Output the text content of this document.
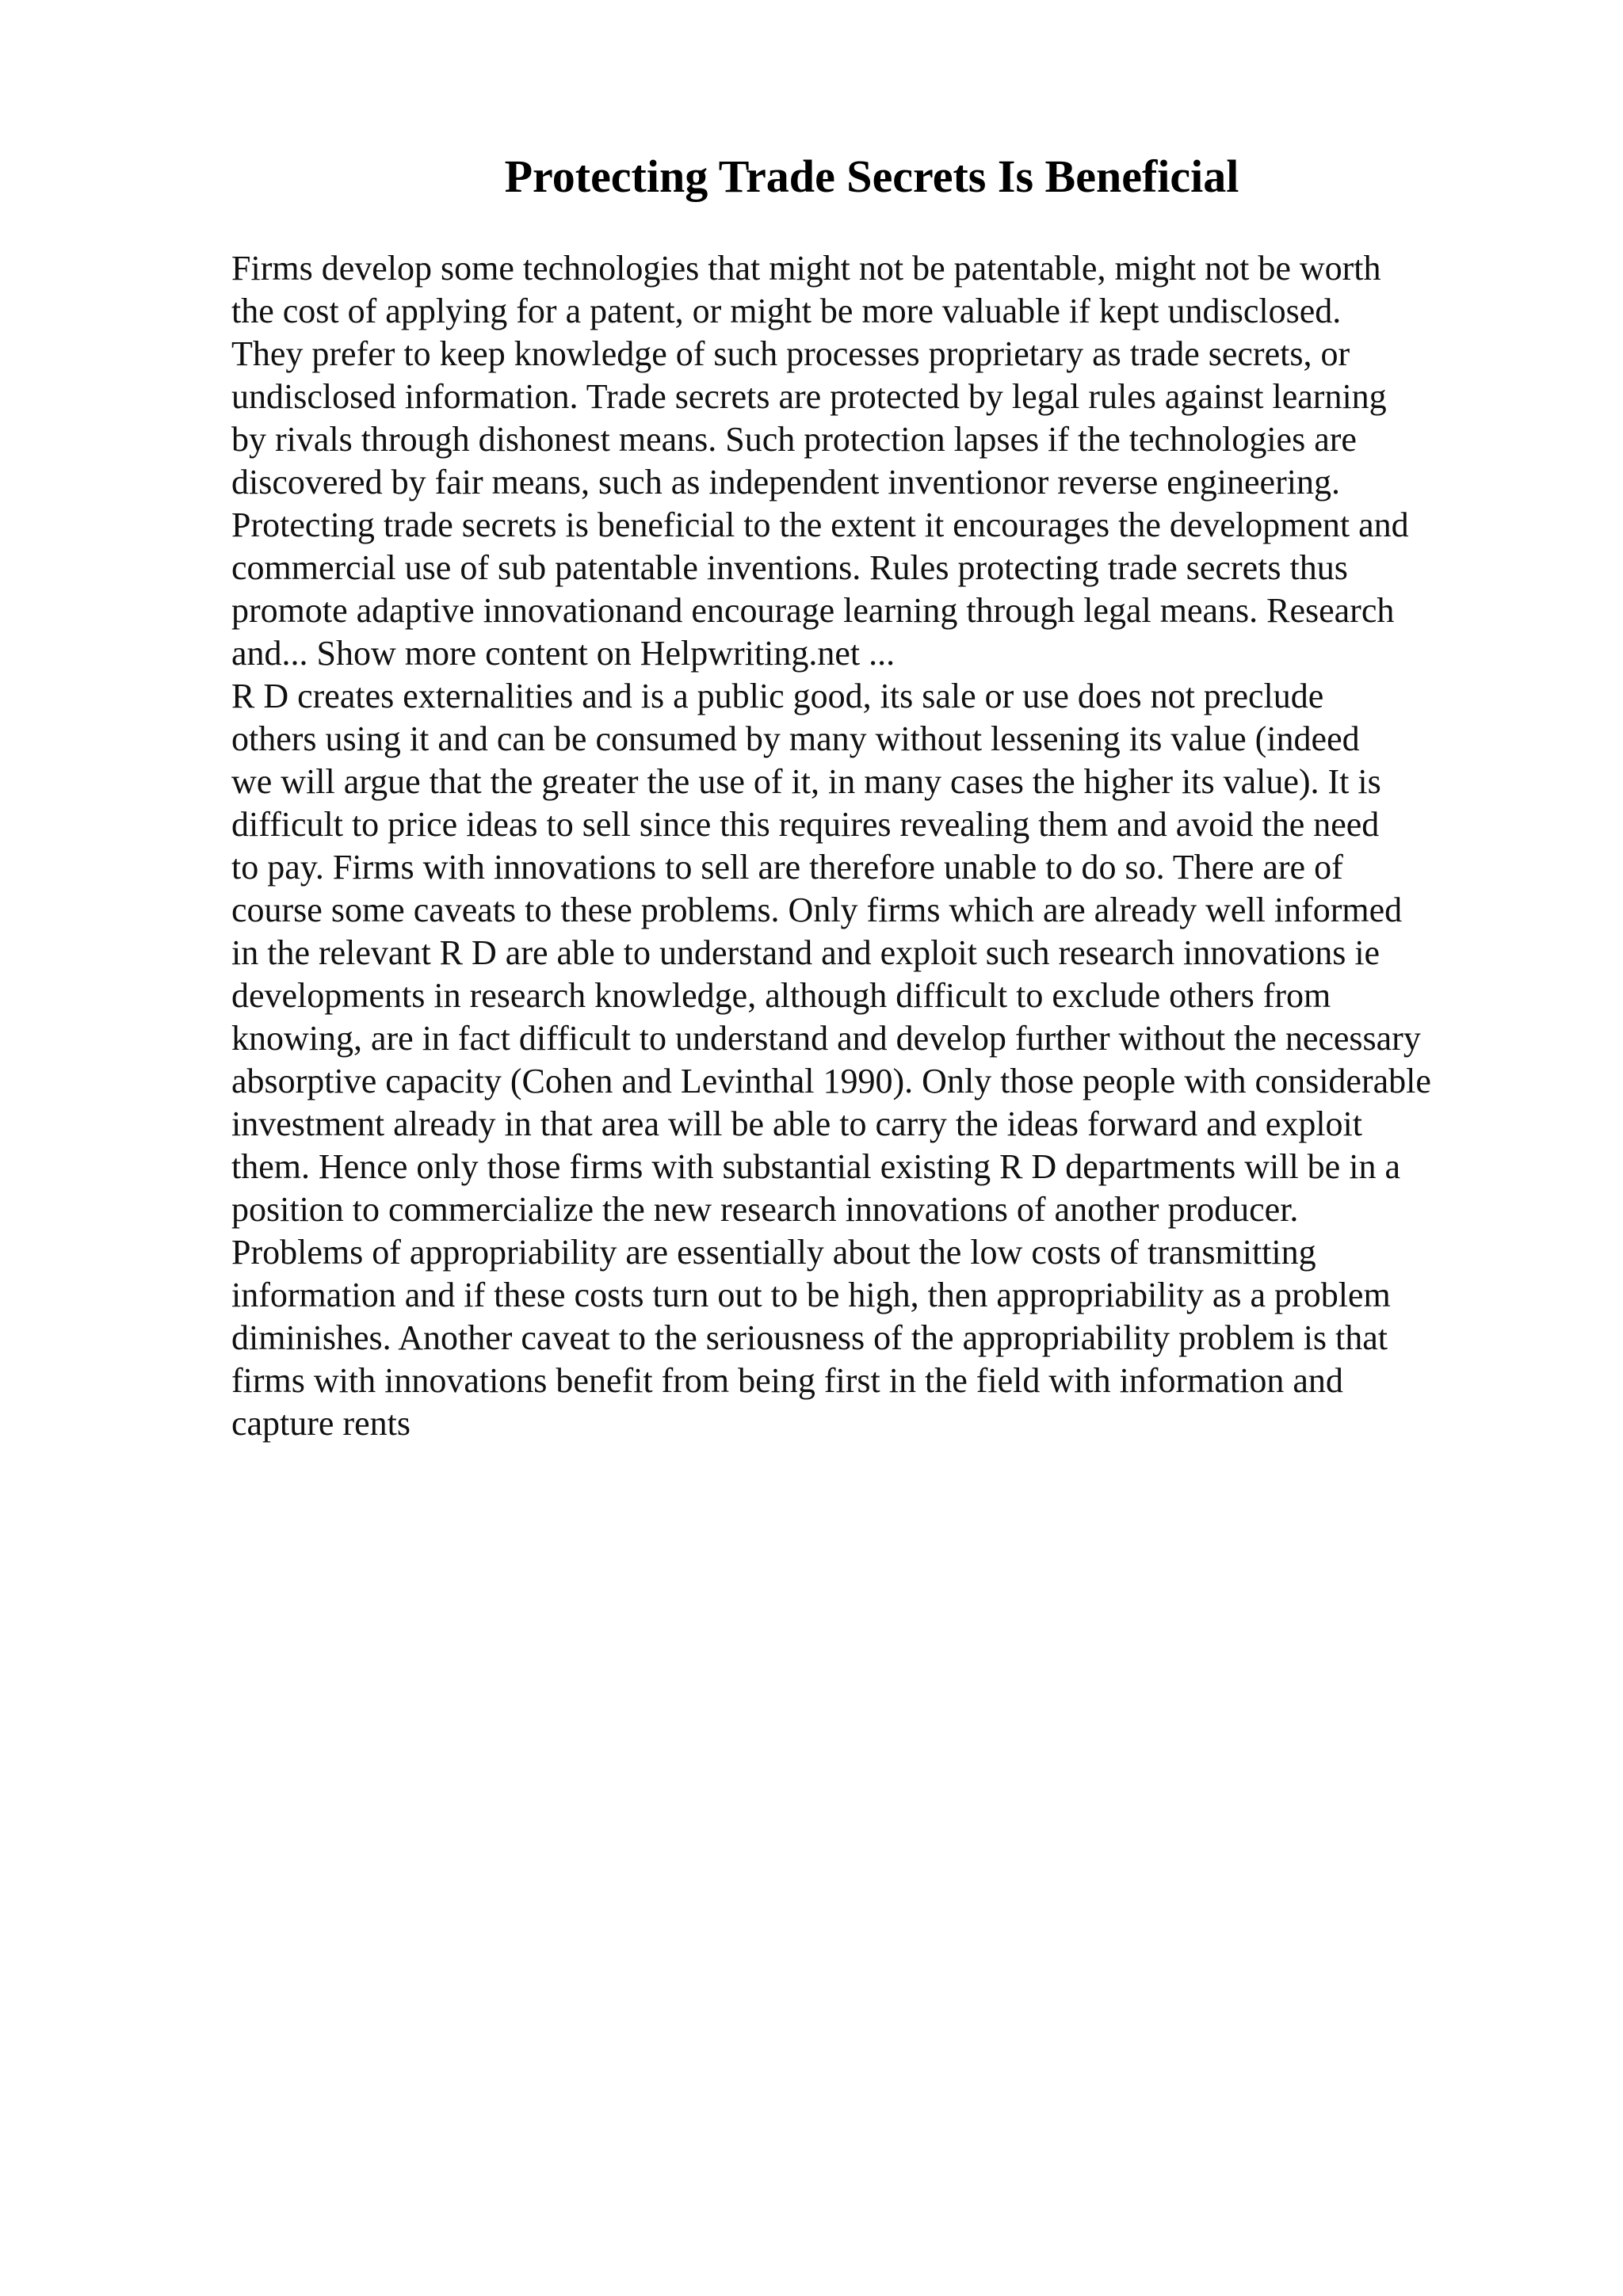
Protecting Trade Secrets Is Beneficial
Firms develop some technologies that might not be patentable, might not be worth
the cost of applying for a patent, or might be more valuable if kept undisclosed.
They prefer to keep knowledge of such processes proprietary as trade secrets, or
undisclosed information. Trade secrets are protected by legal rules against learning
by rivals through dishonest means. Such protection lapses if the technologies are
discovered by fair means, such as independent inventionor reverse engineering.
Protecting trade secrets is beneficial to the extent it encourages the development and
commercial use of sub patentable inventions. Rules protecting trade secrets thus
promote adaptive innovationand encourage learning through legal means. Research
and... Show more content on Helpwriting.net ...
R D creates externalities and is a public good, its sale or use does not preclude
others using it and can be consumed by many without lessening its value (indeed
we will argue that the greater the use of it, in many cases the higher its value). It is
difficult to price ideas to sell since this requires revealing them and avoid the need
to pay. Firms with innovations to sell are therefore unable to do so. There are of
course some caveats to these problems. Only firms which are already well informed
in the relevant R D are able to understand and exploit such research innovations ie
developments in research knowledge, although difficult to exclude others from
knowing, are in fact difficult to understand and develop further without the necessary
absorptive capacity (Cohen and Levinthal 1990). Only those people with considerable
investment already in that area will be able to carry the ideas forward and exploit
them. Hence only those firms with substantial existing R D departments will be in a
position to commercialize the new research innovations of another producer.
Problems of appropriability are essentially about the low costs of transmitting
information and if these costs turn out to be high, then appropriability as a problem
diminishes. Another caveat to the seriousness of the appropriability problem is that
firms with innovations benefit from being first in the field with information and
capture rents
